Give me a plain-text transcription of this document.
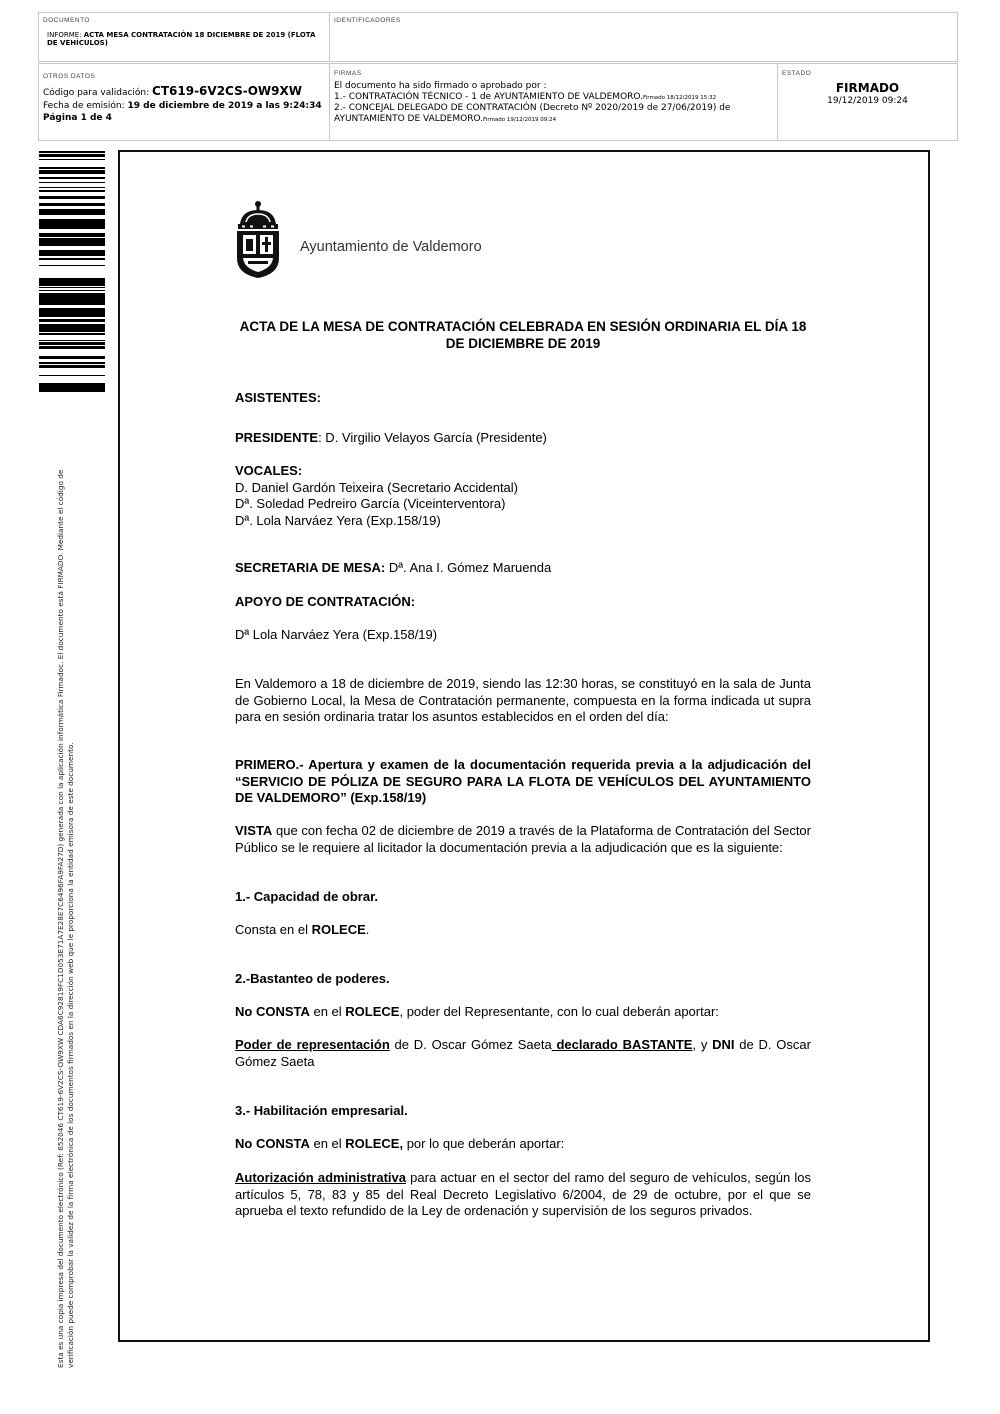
DOCUMENTO
INFORME: ACTA MESA CONTRATACIÓN 18 DICIEMBRE DE 2019 (FLOTA DE VEHÍCULOS)
IDENTIFICADORES
OTROS DATOS
Código para validación: CT619-6V2CS-OW9XW
Fecha de emisión: 19 de diciembre de 2019 a las 9:24:34
Página 1 de 4
FIRMAS
El documento ha sido firmado o aprobado por :
1.- CONTRATACIÓN TÉCNICO - 1 de AYUNTAMIENTO DE VALDEMORO.Firmado 18/12/2019 15:32
2.- CONCEJAL DELEGADO DE CONTRATACIÓN (Decreto Nº 2020/2019 de 27/06/2019) de
AYUNTAMIENTO DE VALDEMORO.Firmado 19/12/2019 09:24
ESTADO
FIRMADO
19/12/2019 09:24
Esta es una copia impresa del documento electrónico (Ref: 652046 CT619-6V2CS-OW9XW CDA6C92819FC1D053E71A7E28E7C6496FA9FA27D) generada con la aplicación informática Firmadoc. El documento está FIRMADO. Mediante el código de verificación puede comprobar la validez de la firma electrónica de los documentos firmados en la dirección web que le proporciona la entidad emisora de este documento.
Ayuntamiento de Valdemoro
ACTA DE LA MESA DE CONTRATACIÓN CELEBRADA EN SESIÓN ORDINARIA EL DÍA 18
DE DICIEMBRE DE 2019
ASISTENTES:
PRESIDENTE: D. Virgilio Velayos García (Presidente)
VOCALES:
D. Daniel Gardón Teixeira (Secretario Accidental)
Dª. Soledad Pedreiro García (Viceinterventora)
Dª. Lola Narváez Yera (Exp.158/19)
SECRETARIA DE MESA: Dª. Ana I. Gómez Maruenda
APOYO DE CONTRATACIÓN:
Dª Lola Narváez Yera (Exp.158/19)
En Valdemoro a 18 de diciembre de 2019, siendo las 12:30 horas, se constituyó en la sala de Junta de Gobierno Local, la Mesa de Contratación permanente, compuesta en la forma indicada ut supra para en sesión ordinaria tratar los asuntos establecidos en el orden del día:
PRIMERO.- Apertura y examen de la documentación requerida previa a la adjudicación del “SERVICIO DE PÓLIZA DE SEGURO PARA LA FLOTA DE VEHÍCULOS DEL AYUNTAMIENTO DE VALDEMORO” (Exp.158/19)
VISTA que con fecha 02 de diciembre de 2019 a través de la Plataforma de Contratación del Sector Público se le requiere al licitador la documentación previa a la adjudicación que es la siguiente:
1.- Capacidad de obrar.
Consta en el ROLECE.
2.-Bastanteo de poderes.
No CONSTA en el ROLECE, poder del Representante, con lo cual deberán aportar:
Poder de representación de D. Oscar Gómez Saeta declarado BASTANTE, y DNI de D. Oscar Gómez Saeta
3.- Habilitación empresarial.
No CONSTA en el ROLECE, por lo que deberán aportar:
Autorización administrativa para actuar en el sector del ramo del seguro de vehículos, según los artículos 5, 78, 83 y 85 del Real Decreto Legislativo 6/2004, de 29 de octubre, por el que se aprueba el texto refundido de la Ley de ordenación y supervisión de los seguros privados.
